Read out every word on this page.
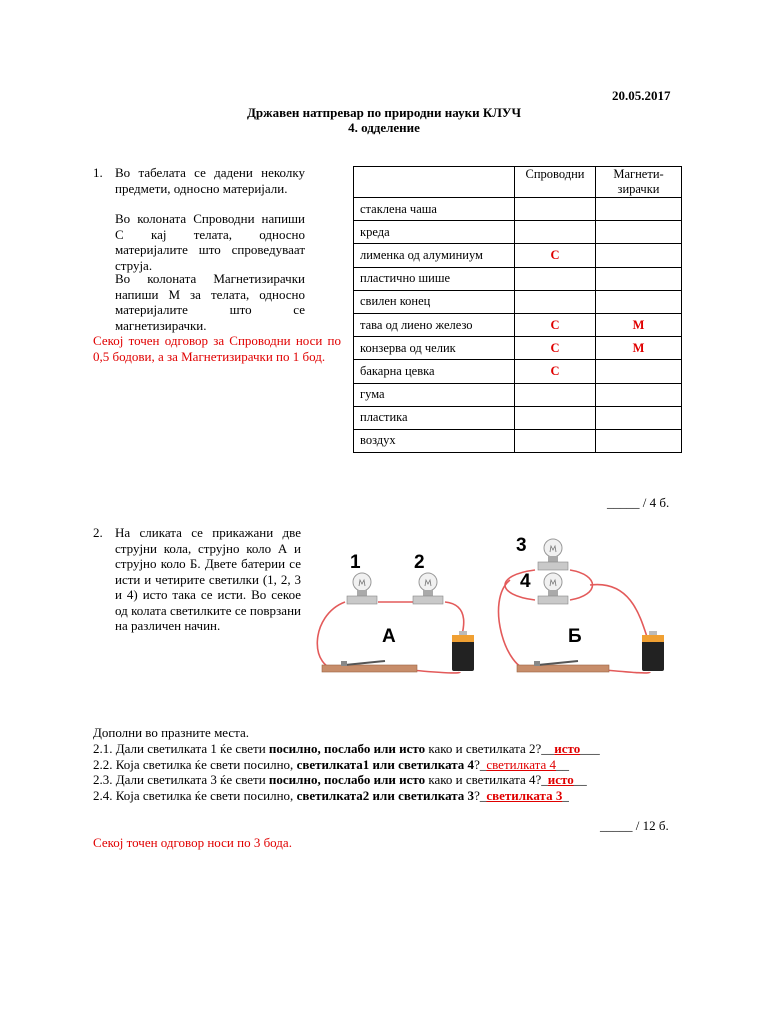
20.05.2017
Државен натпревар по природни науки КЛУЧ
4. одделение
1. Во табелата се дадени неколку предмети, односно материјали.
Во колоната Спроводни напиши С кај телата, односно материјалите што спроведуваат струја.
Во колоната Магнетизирачки напиши М за телата, односно материјалите што се магнетизирачки.
Секој точен одговор за Спроводни носи по 0,5 бодови, а за Магнетизирачки по 1 бод.
	Спроводни	Магнети-
зирачки
стаклена чаша		
креда		
лименка од алуминиум	С	
пластично шише		
свилен конец		
тава од лиено железо	С	М
конзерва од челик	С	М
бакарна цевка	С	
гума		
пластика		
воздух		
_____ / 4 б.
2. На сликата се прикажани две струјни кола, струјно коло А и струјно коло Б. Двете батерии се исти и четирите светилки (1, 2, 3 и 4) исто така се исти. Во секое од колата светилките се поврзани на различен начин.
1	2
А
3
4
Б
Дополни во празните места.
2.1. Дали светилката 1 ќе свети посилно, послабо или исто како и светилката 2?__исто___
2.2. Која светилка ќе свети посилно, светилката1 или светилката 4?_светилката 4__
2.3. Дали светилката 3 ќе свети посилно, послабо или исто како и светилката 4?_исто__
2.4. Која светилка ќе свети посилно, светилката2 или светилката 3?_светилката 3_
_____ / 12 б.
Секој точен одговор носи по 3 бода.
